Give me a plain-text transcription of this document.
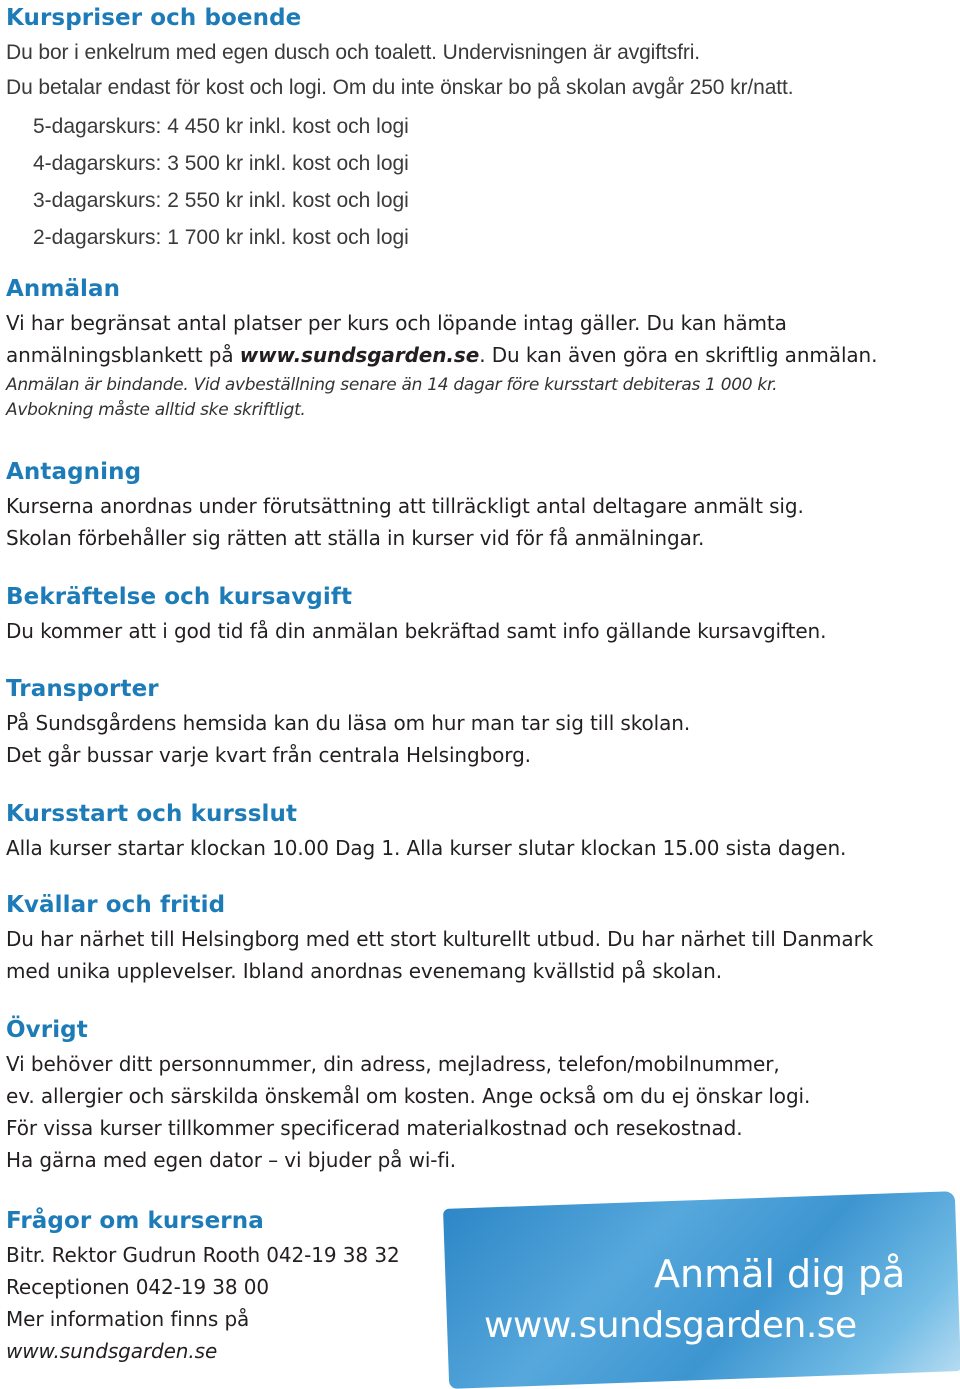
Kurspriser och boende

Du bor i enkelrum med egen dusch och toalett. Undervisningen är avgiftsfri.

Du betalar endast för kost och logi. Om du inte önskar bo på skolan avgår 250 kr/natt.

5-dagarskurs: 4 450 kr inkl. kost och logi
4-dagarskurs: 3 500 kr inkl. kost och logi
3-dagarskurs: 2 550 kr inkl. kost och logi
2-dagarskurs: 1 700 kr inkl. kost och logi
Anmälan

Vi har begränsat antal platser per kurs och löpande intag gäller. Du kan hämta

anmälningsblankett på www.sundsgarden.se. Du kan även göra en skriftlig anmälan.

Anmälan är bindande. Vid avbeställning senare än 14 dagar före kursstart debiteras 1 000 kr.

Avbokning måste alltid ske skriftligt.

Antagning

Kurserna anordnas under förutsättning att tillräckligt antal deltagare anmält sig.

Skolan förbehåller sig rätten att ställa in kurser vid för få anmälningar.

Bekräftelse och kursavgift

Du kommer att i god tid få din anmälan bekräftad samt info gällande kursavgiften.

Transporter

På Sundsgårdens hemsida kan du läsa om hur man tar sig till skolan.

Det går bussar varje kvart från centrala Helsingborg.

Kursstart och kursslut

Alla kurser startar klockan 10.00 Dag 1. Alla kurser slutar klockan 15.00 sista dagen.

Kvällar och fritid

Du har närhet till Helsingborg med ett stort kulturellt utbud. Du har närhet till Danmark

med unika upplevelser. Ibland anordnas evenemang kvällstid på skolan.

Övrigt

Vi behöver ditt personnummer, din adress, mejladress, telefon/mobilnummer,

ev. allergier och särskilda önskemål om kosten. Ange också om du ej önskar logi.

För vissa kurser tillkommer specificerad materialkostnad och resekostnad.

Ha gärna med egen dator – vi bjuder på wi-fi.

Frågor om kurserna

Bitr. Rektor Gudrun Rooth 042-19 38 32

Receptionen 042-19 38 00

Mer information finns på

www.sundsgarden.se

Anmäl dig på
www.sundsgarden.se
